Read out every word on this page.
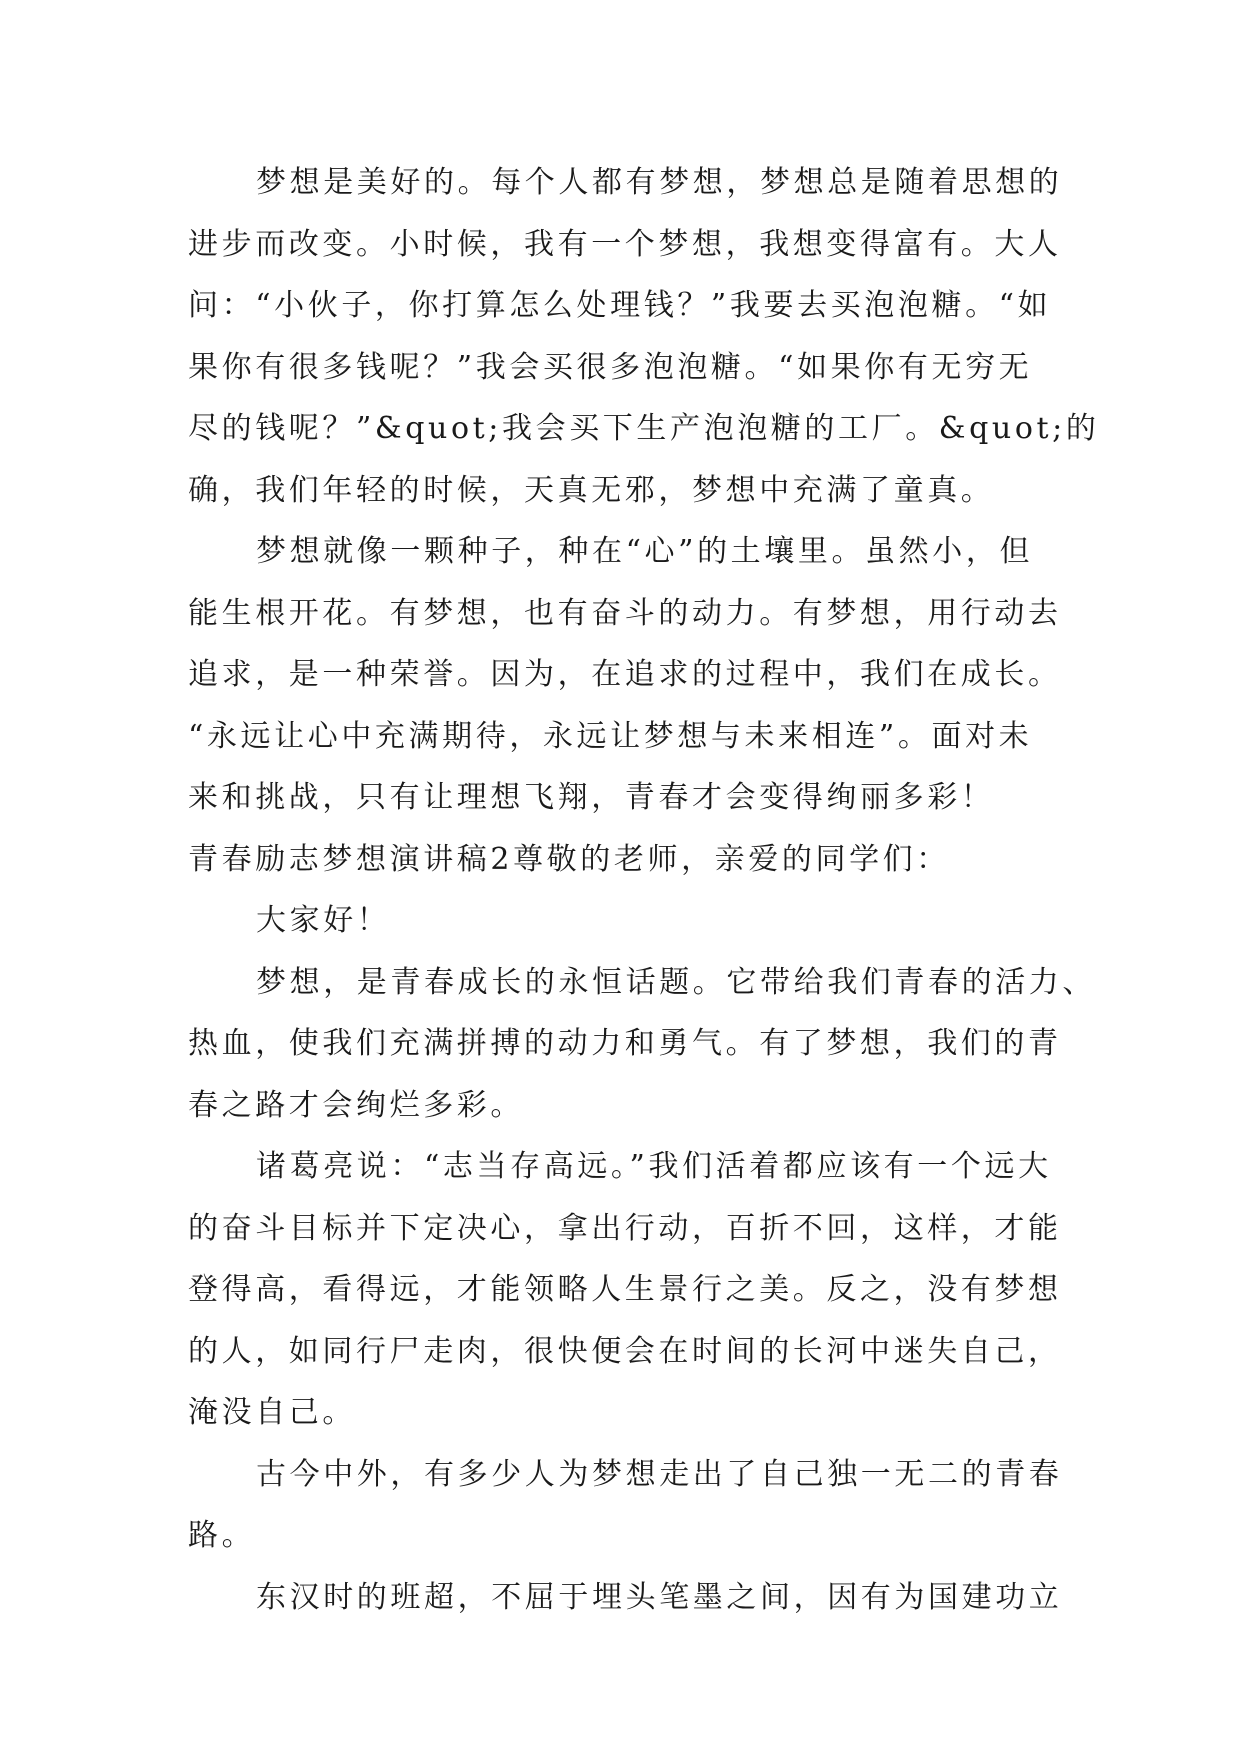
梦想是美好的。每个人都有梦想，梦想总是随着思想的
进步而改变。小时候，我有一个梦想，我想变得富有。大人
问：“小伙子，你打算怎么处理钱？”我要去买泡泡糖。“如
果你有很多钱呢？”我会买很多泡泡糖。“如果你有无穷无
尽的钱呢？”&quot;我会买下生产泡泡糖的工厂。&quot;的
确，我们年轻的时候，天真无邪，梦想中充满了童真。
梦想就像一颗种子，种在“心”的土壤里。虽然小，但
能生根开花。有梦想，也有奋斗的动力。有梦想，用行动去
追求，是一种荣誉。因为，在追求的过程中，我们在成长。
“永远让心中充满期待，永远让梦想与未来相连”。面对未
来和挑战，只有让理想飞翔，青春才会变得绚丽多彩！
青春励志梦想演讲稿2尊敬的老师，亲爱的同学们：
大家好！
梦想，是青春成长的永恒话题。它带给我们青春的活力、
热血，使我们充满拼搏的动力和勇气。有了梦想，我们的青
春之路才会绚烂多彩。
诸葛亮说：“志当存高远。”我们活着都应该有一个远大
的奋斗目标并下定决心，拿出行动，百折不回，这样，才能
登得高，看得远，才能领略人生景行之美。反之，没有梦想
的人，如同行尸走肉，很快便会在时间的长河中迷失自己，
淹没自己。
古今中外，有多少人为梦想走出了自己独一无二的青春
路。
东汉时的班超，不屈于埋头笔墨之间，因有为国建功立
